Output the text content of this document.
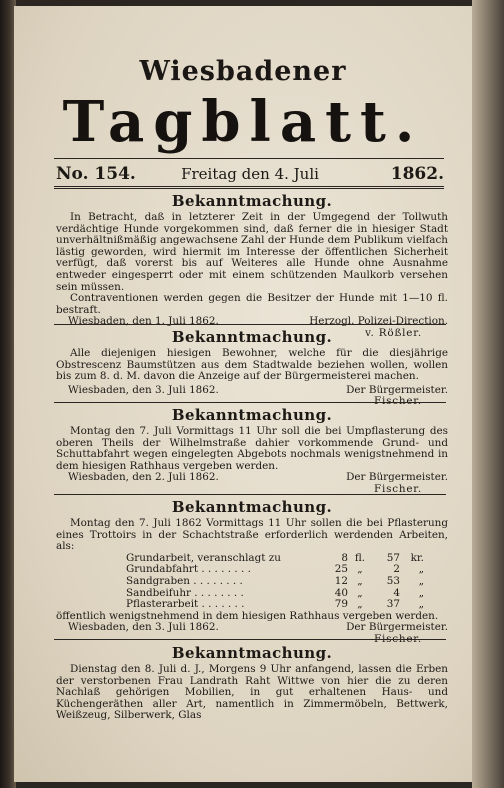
Wiesbadener
Tagblatt.
No. 154.	Freitag den 4. Juli	1862.
Bekanntmachung.

In Betracht, daß in letzterer Zeit in der Umgegend der Tollwuth verdächtige Hunde vorgekommen sind, daß ferner die in hiesiger Stadt unverhältnißmäßig angewachsene Zahl der Hunde dem Publikum vielfach lästig geworden, wird hiermit im Interesse der öffentlichen Sicherheit verfügt, daß vorerst bis auf Weiteres alle Hunde ohne Ausnahme entweder eingesperrt oder mit einem schützenden Maulkorb versehen sein müssen.

Contraventionen werden gegen die Besitzer der Hunde mit 1—10 fl. bestraft.

Wiesbaden, den 1. Juli 1862.	Herzogl. Polizei-Direction.
v. Rößler.
Bekanntmachung.

Alle diejenigen hiesigen Bewohner, welche für die diesjährige Obstrescenz Baumstützen aus dem Stadtwalde beziehen wollen, wollen bis zum 8. d. M. davon die Anzeige auf der Bürgermeisterei machen.

Wiesbaden, den 3. Juli 1862.	Der Bürgermeister.
Fischer.
Bekanntmachung.

Montag den 7. Juli Vormittags 11 Uhr soll die bei Umpflasterung des oberen Theils der Wilhelmstraße dahier vorkommende Grund- und Schuttabfahrt wegen eingelegten Abgebots nochmals wenigstnehmend in dem hiesigen Rathhaus vergeben werden.

Wiesbaden, den 2. Juli 1862.	Der Bürgermeister.
Fischer.
Bekanntmachung.

Montag den 7. Juli 1862 Vormittags 11 Uhr sollen die bei Pflasterung eines Trottoirs in der Schachtstraße erforderlich werdenden Arbeiten, als:

Grundarbeit, veranschlagt zu	8 fl.	57	kr.
Grundabfahrt . . . . . . . .	25 „	2	„
Sandgraben . . . . . . . .	12 „	53	„
Sandbeifuhr . . . . . . . .	40 „	4	„
Pflasterarbeit . . . . . . .	79 „	37	„
öffentlich wenigstnehmend in dem hiesigen Rathhaus vergeben werden.
Wiesbaden, den 3. Juli 1862.	Der Bürgermeister.
Fischer.
Bekanntmachung.

Dienstag den 8. Juli d. J., Morgens 9 Uhr anfangend, lassen die Erben der verstorbenen Frau Landrath Raht Wittwe von hier die zu deren Nachlaß gehörigen Mobilien, in gut erhaltenen Haus- und Küchengeräthen aller Art, namentlich in Zimmermöbeln, Bettwerk, Weißzeug, Silberwerk, Glas
